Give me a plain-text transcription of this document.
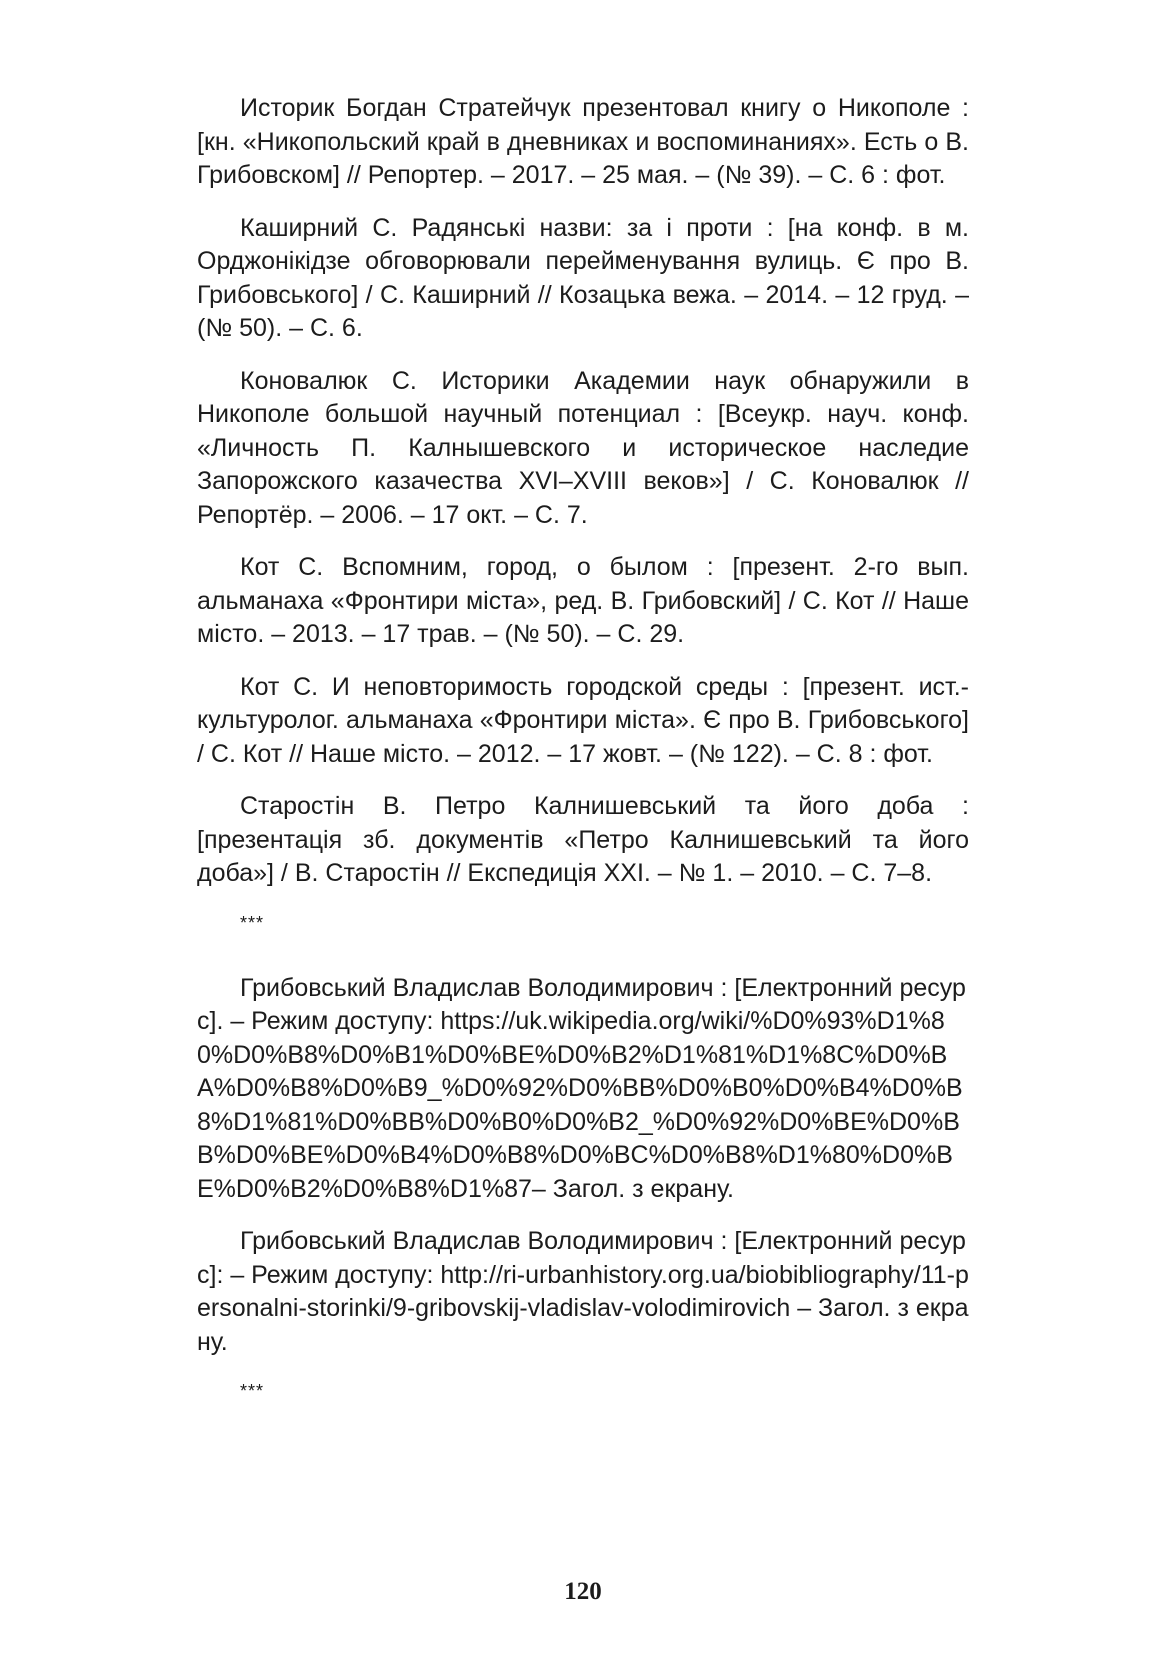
Историк Богдан Стратейчук презентовал книгу о Никополе : [кн. «Никопольский край в дневниках и воспоминаниях». Есть о В. Грибовском] // Репортер. – 2017. – 25 мая. – (№ 39). – С. 6 : фот.

Каширний С. Радянські назви: за і проти : [на конф. в м. Орджонікідзе обговорювали перейменування вулиць. Є про В. Грибовського] / С. Каширний // Козацька вежа. – 2014. – 12 груд. – (№ 50). – С. 6.

Коновалюк С. Историки Академии наук обнаружили в Никополе большой научный потенциал : [Всеукр. науч. конф. «Личность П. Калнышевского и историческое наследие Запорожского казачества XVI–XVIII веков»] / С. Коновалюк // Репортёр. – 2006. – 17 окт. – С. 7.

Кот С. Вспомним, город, о былом : [презент. 2-го вып. альманаха «Фронтири міста», ред. В. Грибовский] / С. Кот // Наше місто. – 2013. – 17 трав. – (№ 50). – С. 29.

Кот С. И неповторимость городской среды : [презент. ист.-культуролог. альманаха «Фронтири міста». Є про В. Грибовського] / С. Кот // Наше місто. – 2012. – 17 жовт. – (№ 122). – С. 8 : фот.

Старостін В. Петро Калнишевський та його доба : [презентація зб. документів «Петро Калнишевський та його доба»] / В. Старостін // Експедиція XXI. – № 1. – 2010. – С. 7–8.

***

Грибовський Владислав Володимирович : [Електронний ресурс]. – Режим доступу: https://uk.wikipedia.org/wiki/%D0%93%D1%80%D0%B8%D0%B1%D0%BE%D0%B2%D1%81%D1%8C%D0%BA%D0%B8%D0%B9_%D0%92%D0%BB%D0%B0%D0%B4%D0%B8%D1%81%D0%BB%D0%B0%D0%B2_%D0%92%D0%BE%D0%BB%D0%BE%D0%B4%D0%B8%D0%BC%D0%B8%D1%80%D0%BE%D0%B2%D0%B8%D1%87– Загол. з екрану.

Грибовський Владислав Володимирович : [Електронний ресурс]: – Режим доступу: http://ri-urbanhistory.org.ua/biobibliography/11-personalni-storinki/9-gribovskij-vladislav-volodimirovich – Загол. з екрану.

***
120
